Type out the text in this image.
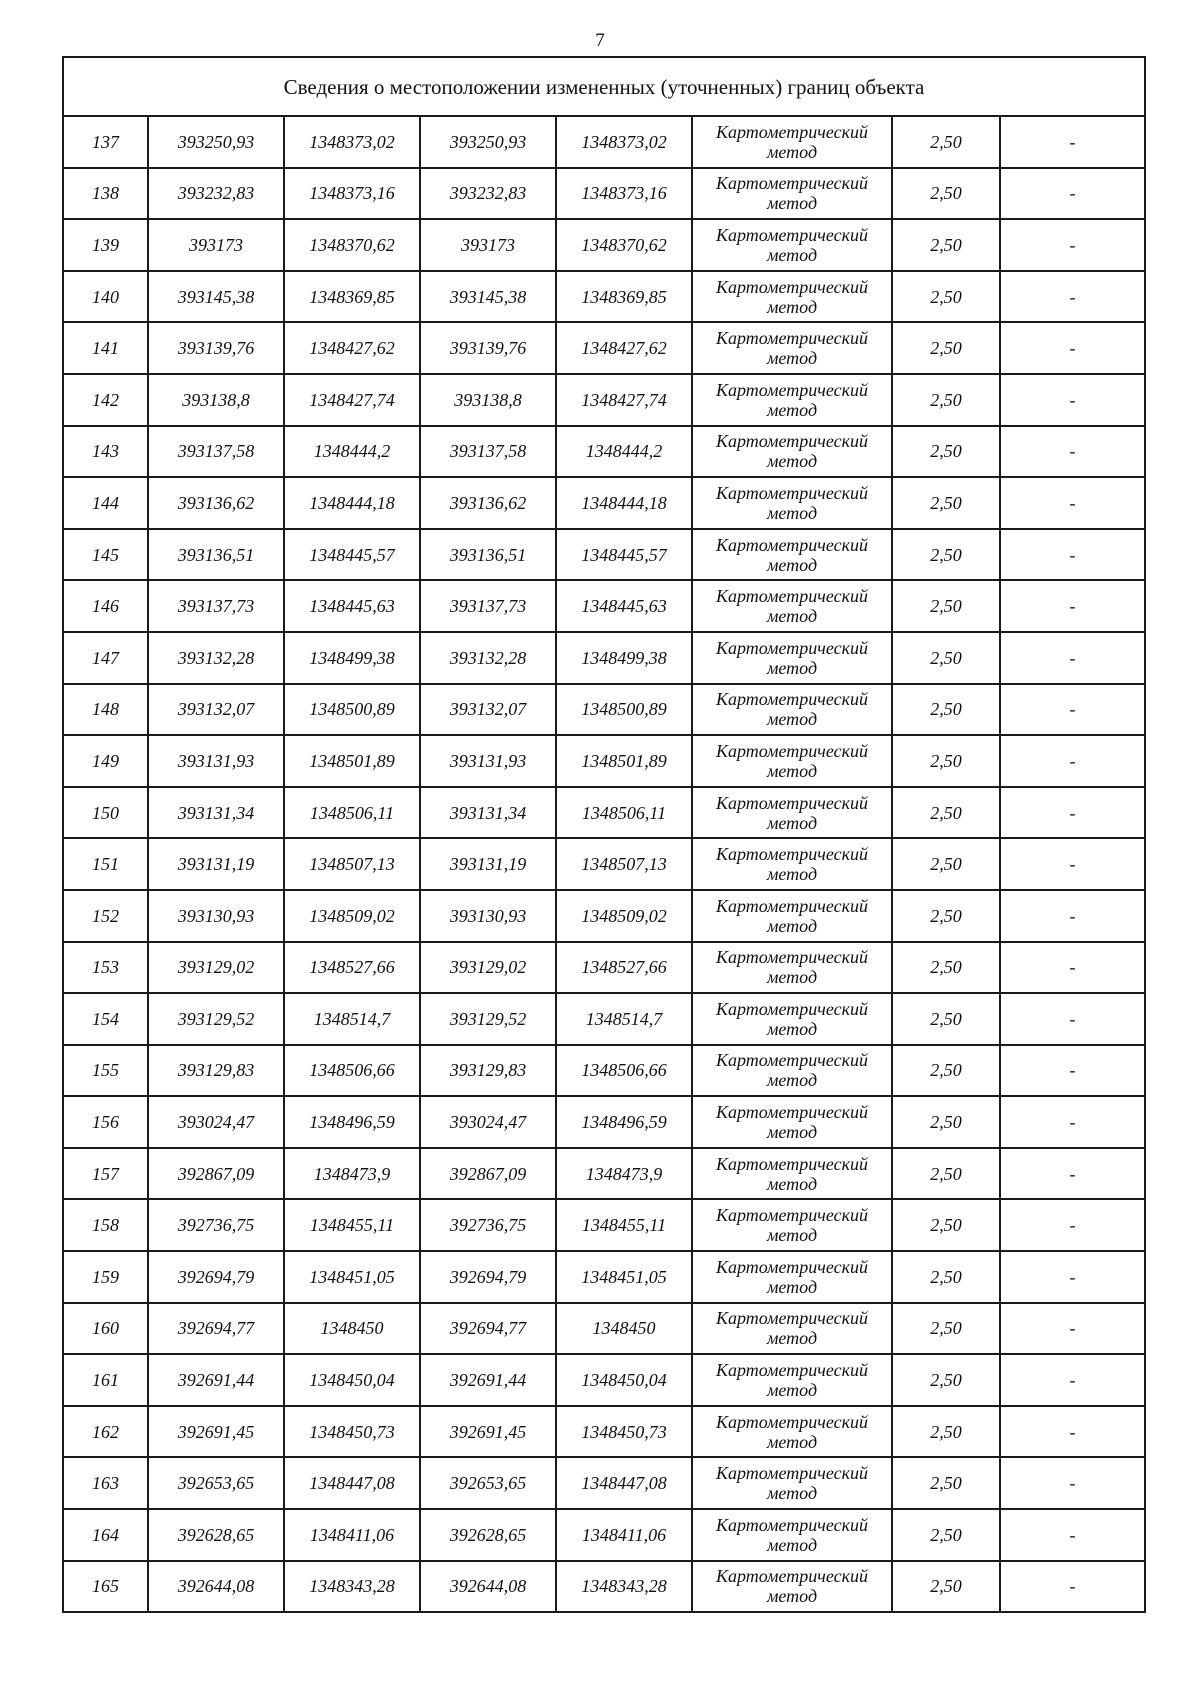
7
Сведения о местоположении измененных (уточненных) границ объекта							
137	393250,93	1348373,02	393250,93	1348373,02	Картометрический метод	2,50	-
138	393232,83	1348373,16	393232,83	1348373,16	Картометрический метод	2,50	-
139	393173	1348370,62	393173	1348370,62	Картометрический метод	2,50	-
140	393145,38	1348369,85	393145,38	1348369,85	Картометрический метод	2,50	-
141	393139,76	1348427,62	393139,76	1348427,62	Картометрический метод	2,50	-
142	393138,8	1348427,74	393138,8	1348427,74	Картометрический метод	2,50	-
143	393137,58	1348444,2	393137,58	1348444,2	Картометрический метод	2,50	-
144	393136,62	1348444,18	393136,62	1348444,18	Картометрический метод	2,50	-
145	393136,51	1348445,57	393136,51	1348445,57	Картометрический метод	2,50	-
146	393137,73	1348445,63	393137,73	1348445,63	Картометрический метод	2,50	-
147	393132,28	1348499,38	393132,28	1348499,38	Картометрический метод	2,50	-
148	393132,07	1348500,89	393132,07	1348500,89	Картометрический метод	2,50	-
149	393131,93	1348501,89	393131,93	1348501,89	Картометрический метод	2,50	-
150	393131,34	1348506,11	393131,34	1348506,11	Картометрический метод	2,50	-
151	393131,19	1348507,13	393131,19	1348507,13	Картометрический метод	2,50	-
152	393130,93	1348509,02	393130,93	1348509,02	Картометрический метод	2,50	-
153	393129,02	1348527,66	393129,02	1348527,66	Картометрический метод	2,50	-
154	393129,52	1348514,7	393129,52	1348514,7	Картометрический метод	2,50	-
155	393129,83	1348506,66	393129,83	1348506,66	Картометрический метод	2,50	-
156	393024,47	1348496,59	393024,47	1348496,59	Картометрический метод	2,50	-
157	392867,09	1348473,9	392867,09	1348473,9	Картометрический метод	2,50	-
158	392736,75	1348455,11	392736,75	1348455,11	Картометрический метод	2,50	-
159	392694,79	1348451,05	392694,79	1348451,05	Картометрический метод	2,50	-
160	392694,77	1348450	392694,77	1348450	Картометрический метод	2,50	-
161	392691,44	1348450,04	392691,44	1348450,04	Картометрический метод	2,50	-
162	392691,45	1348450,73	392691,45	1348450,73	Картометрический метод	2,50	-
163	392653,65	1348447,08	392653,65	1348447,08	Картометрический метод	2,50	-
164	392628,65	1348411,06	392628,65	1348411,06	Картометрический метод	2,50	-
165	392644,08	1348343,28	392644,08	1348343,28	Картометрический метод	2,50	-
